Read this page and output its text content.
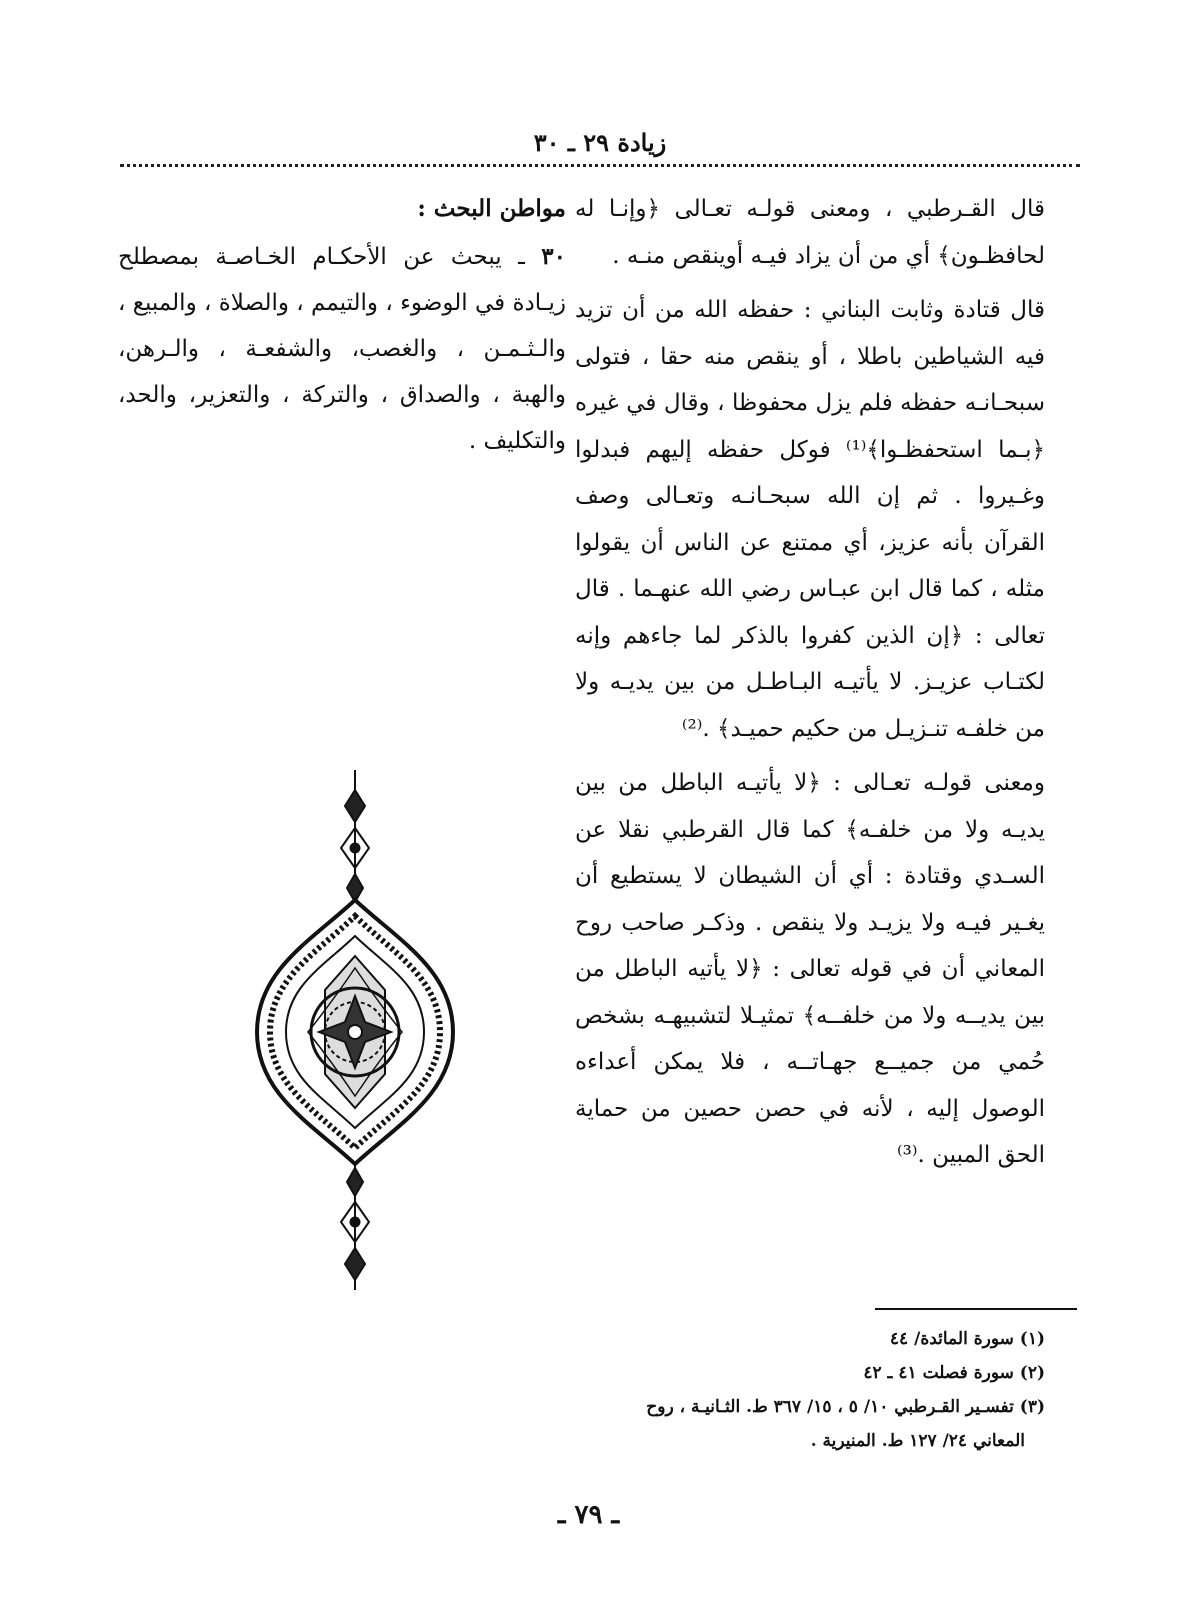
زيادة ٢٩ ـ ٣٠

قال القـرطبي ، ومعنى قولـه تعـالى ﴿وإنـا له لحافظـون﴾ أي من أن يزاد فيـه أوينقص منـه .

قال قتادة وثابت البناني : حفظه الله من أن تزيد فيه الشياطين باطلا ، أو ينقص منه حقا ، فتولى سبحـانـه حفظه فلم يزل محفوظا ، وقال في غيره ﴿بـما استحفظـوا﴾⁽¹⁾ فوكل حفظه إليهم فبدلوا وغـيروا . ثم إن الله سبحـانـه وتعـالى وصف القرآن بأنه عزيز، أي ممتنع عن الناس أن يقولوا مثله ، كما قال ابن عبـاس رضي الله عنهـما . قال تعالى : ﴿إن الذين كفروا بالذكر لما جاءهم وإنه لكتـاب عزيـز. لا يأتيـه البـاطـل من بين يديـه ولا من خلفـه تنـزيـل من حكيم حميـد﴾ .⁽²⁾

ومعنى قولـه تعـالى : ﴿لا يأتيـه الباطل من بين يديـه ولا من خلفـه﴾ كما قال القرطبي نقلا عن السـدي وقتادة : أي أن الشيطان لا يستطيع أن يغـير فيـه ولا يزيـد ولا ينقص . وذكـر صاحب روح المعاني أن في قوله تعالى : ﴿لا يأتيه الباطل من بين يديــه ولا من خلفــه﴾ تمثيـلا لتشبيهـه بشخص حُمي من جميــع جهـاتــه ، فلا يمكن أعداءه الوصول إليه ، لأنه في حصن حصين من حماية الحق المبين .⁽³⁾

مواطن البحث :

٣٠ ـ يبحث عن الأحكـام الخـاصـة بمصطلح زيـادة في الوضوء ، والتيمم ، والصلاة ، والمبيع ، والـثـمـن ، والغصب، والشفعـة ، والـرهن، والهبة ، والصداق ، والتركة ، والتعزير، والحد، والتكليف .

(١) سورة المائدة/ ٤٤
(٢) سورة فصلت ٤١ ـ ٤٢
(٣) تفسـير القـرطبي ١٠/ ٥ ، ١٥/ ٣٦٧ ط. الثـانيـة ، روح
المعاني ٢٤/ ١٢٧ ط. المنيرية .
ـ ٧٩ ـ
